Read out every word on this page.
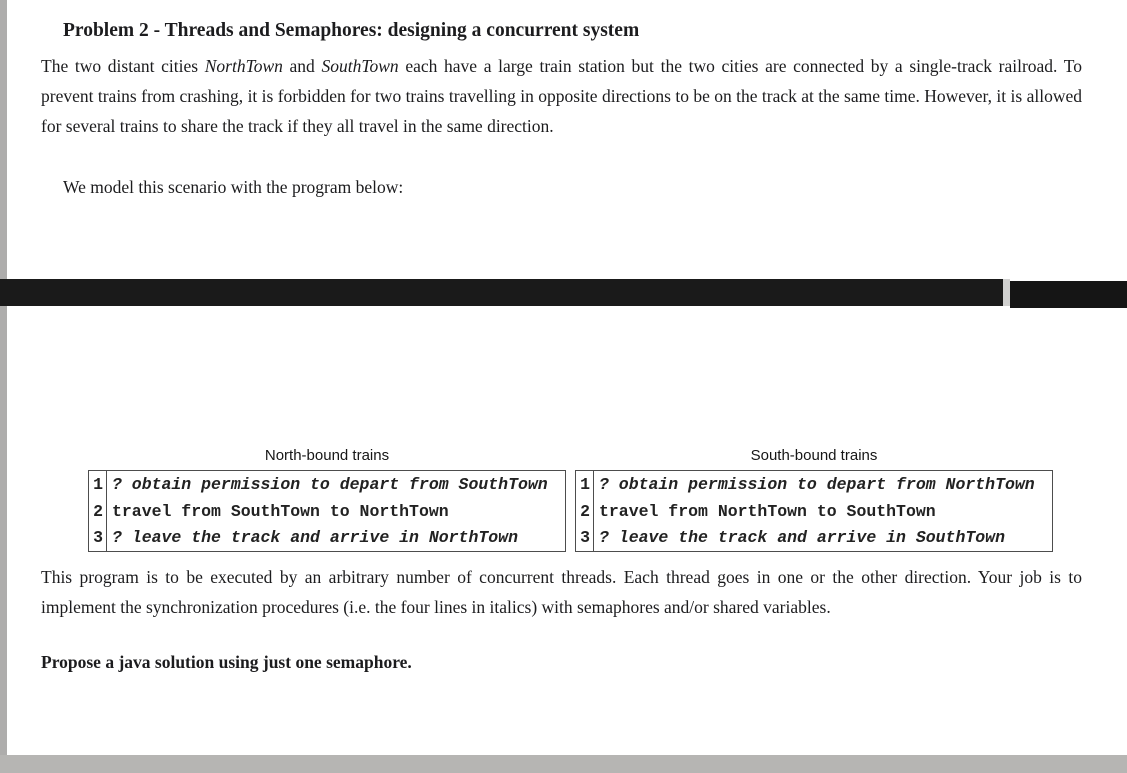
Problem 2 - Threads and Semaphores: designing a concurrent system

The two distant cities NorthTown and SouthTown each have a large train station but the two cities are connected by a single-track railroad. To prevent trains from crashing, it is forbidden for two trains travelling in opposite directions to be on the track at the same time. However, it is allowed for several trains to share the track if they all travel in the same direction.

We model this scenario with the program below:

North-bound trains
1	? obtain permission to depart from SouthTown
2	travel from SouthTown to NorthTown
3	? leave the track and arrive in NorthTown
South-bound trains
1	? obtain permission to depart from NorthTown
2	travel from NorthTown to SouthTown
3	? leave the track and arrive in SouthTown

This program is to be executed by an arbitrary number of concurrent threads. Each thread goes in one or the other direction. Your job is to implement the synchronization procedures (i.e. the four lines in italics) with semaphores and/or shared variables.

Propose a java solution using just one semaphore.
